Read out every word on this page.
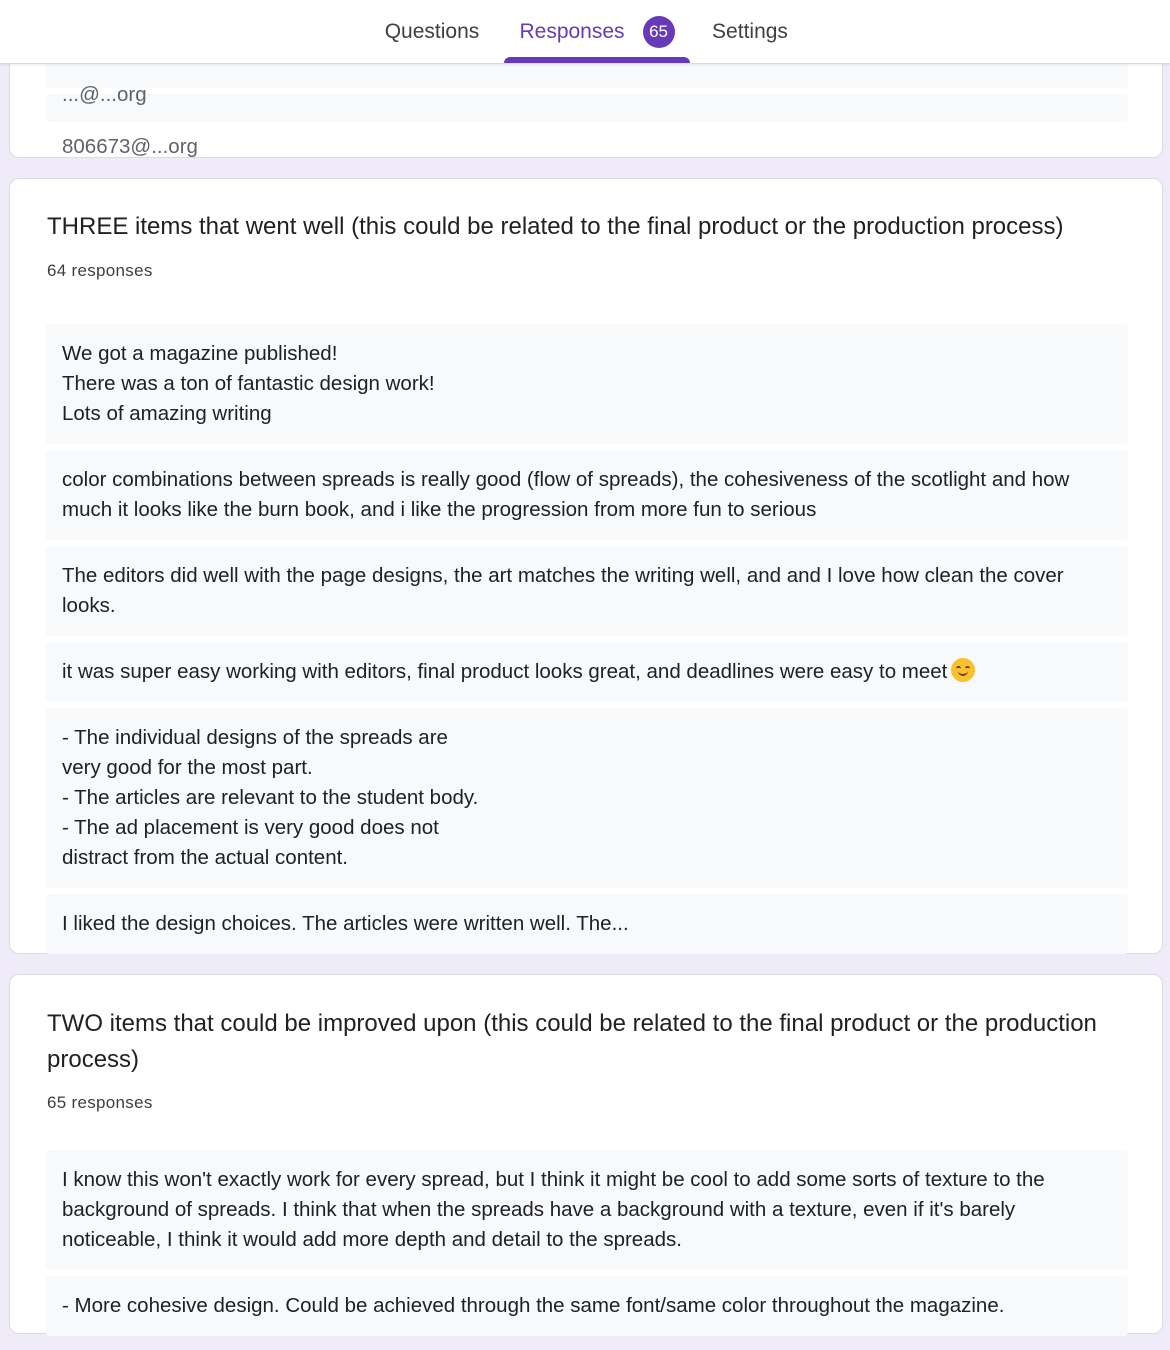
Questions Responses	65	Settings

806673@...org

THREE items that went well (this could be related to the final product or the production process)
64 responses
We got a magazine published!
There was a ton of fantastic design work!
Lots of amazing writing
color combinations between spreads is really good (flow of spreads), the cohesiveness of the scotlight and how much it looks like the burn book, and i like the progression from more fun to serious
The editors did well with the page designs, the art matches the writing well, and and I love how clean the cover looks.
it was super easy working with editors, final product looks great, and deadlines were easy to meet
- The individual designs of the spreads are
very good for the most part.
- The articles are relevant to the student body.
- The ad placement is very good does not
distract from the actual content.
I liked the design choices. The articles were written well. The...
TWO items that could be improved upon (this could be related to the final product or the production process)
65 responses
I know this won't exactly work for every spread, but I think it might be cool to add some sorts of texture to the background of spreads. I think that when the spreads have a background with a texture, even if it's barely noticeable, I think it would add more depth and detail to the spreads.
- More cohesive design. Could be achieved through the same font/same color throughout the magazine.
